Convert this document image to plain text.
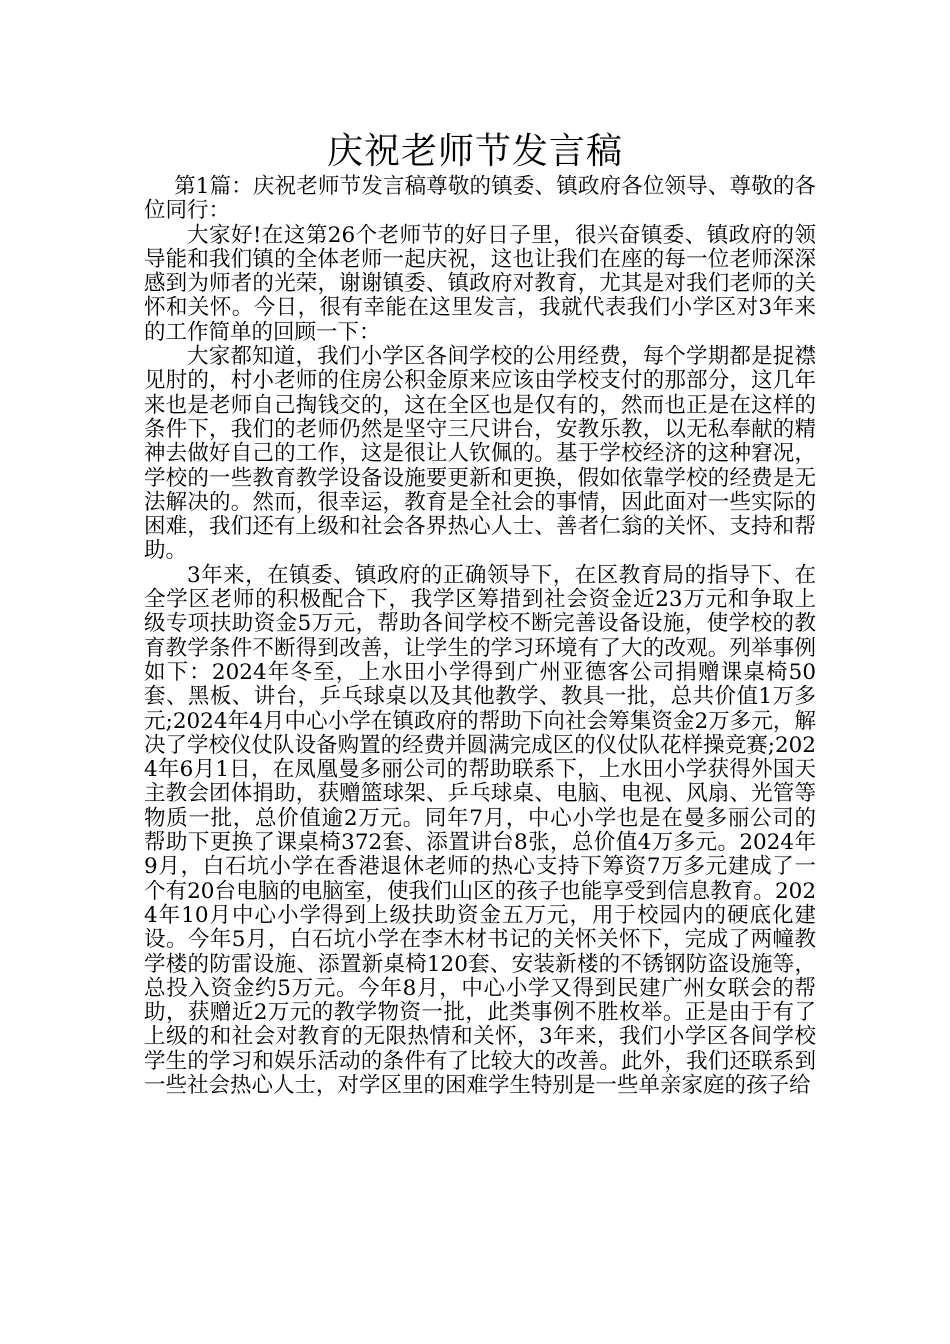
庆祝老师节发言稿

第1篇：庆祝老师节发言稿尊敬的镇委、镇政府各位领导、尊敬的各位同行：

大家好!在这第26个老师节的好日子里，很兴奋镇委、镇政府的领导能和我们镇的全体老师一起庆祝，这也让我们在座的每一位老师深深感到为师者的光荣，谢谢镇委、镇政府对教育，尤其是对我们老师的关怀和关怀。今日，很有幸能在这里发言，我就代表我们小学区对3年来的工作简单的回顾一下：

大家都知道，我们小学区各间学校的公用经费，每个学期都是捉襟见肘的，村小老师的住房公积金原来应该由学校支付的那部分，这几年来也是老师自己掏钱交的，这在全区也是仅有的，然而也正是在这样的条件下，我们的老师仍然是坚守三尺讲台，安教乐教，以无私奉献的精神去做好自己的工作，这是很让人钦佩的。基于学校经济的这种窘况，学校的一些教育教学设备设施要更新和更换，假如依靠学校的经费是无法解决的。然而，很幸运，教育是全社会的事情，因此面对一些实际的困难，我们还有上级和社会各界热心人士、善者仁翁的关怀、支持和帮助。

3年来，在镇委、镇政府的正确领导下，在区教育局的指导下、在全学区老师的积极配合下，我学区筹措到社会资金近23万元和争取上级专项扶助资金5万元，帮助各间学校不断完善设备设施，使学校的教育教学条件不断得到改善，让学生的学习环境有了大的改观。列举事例如下：2024年冬至，上水田小学得到广州亚德客公司捐赠课桌椅50套、黑板、讲台，乒乓球桌以及其他教学、教具一批，总共价值1万多元;2024年4月中心小学在镇政府的帮助下向社会筹集资金2万多元，解决了学校仪仗队设备购置的经费并圆满完成区的仪仗队花样操竞赛;2024年6月1日，在凤凰曼多丽公司的帮助联系下，上水田小学获得外国天主教会团体捐助，获赠篮球架、乒乓球桌、电脑、电视、风扇、光管等物质一批，总价值逾2万元。同年7月，中心小学也是在曼多丽公司的帮助下更换了课桌椅372套、添置讲台8张，总价值4万多元。2024年9月，白石坑小学在香港退休老师的热心支持下筹资7万多元建成了一个有20台电脑的电脑室，使我们山区的孩子也能享受到信息教育。2024年10月中心小学得到上级扶助资金五万元，用于校园内的硬底化建设。今年5月，白石坑小学在李木材书记的关怀关怀下，完成了两幢教学楼的防雷设施、添置新桌椅120套、安装新楼的不锈钢防盗设施等，总投入资金约5万元。今年8月，中心小学又得到民建广州女联会的帮助，获赠近2万元的教学物资一批，此类事例不胜枚举。正是由于有了上级的和社会对教育的无限热情和关怀，3年来，我们小学区各间学校学生的学习和娱乐活动的条件有了比较大的改善。此外，我们还联系到一些社会热心人士，对学区里的困难学生特别是一些单亲家庭的孩子给
